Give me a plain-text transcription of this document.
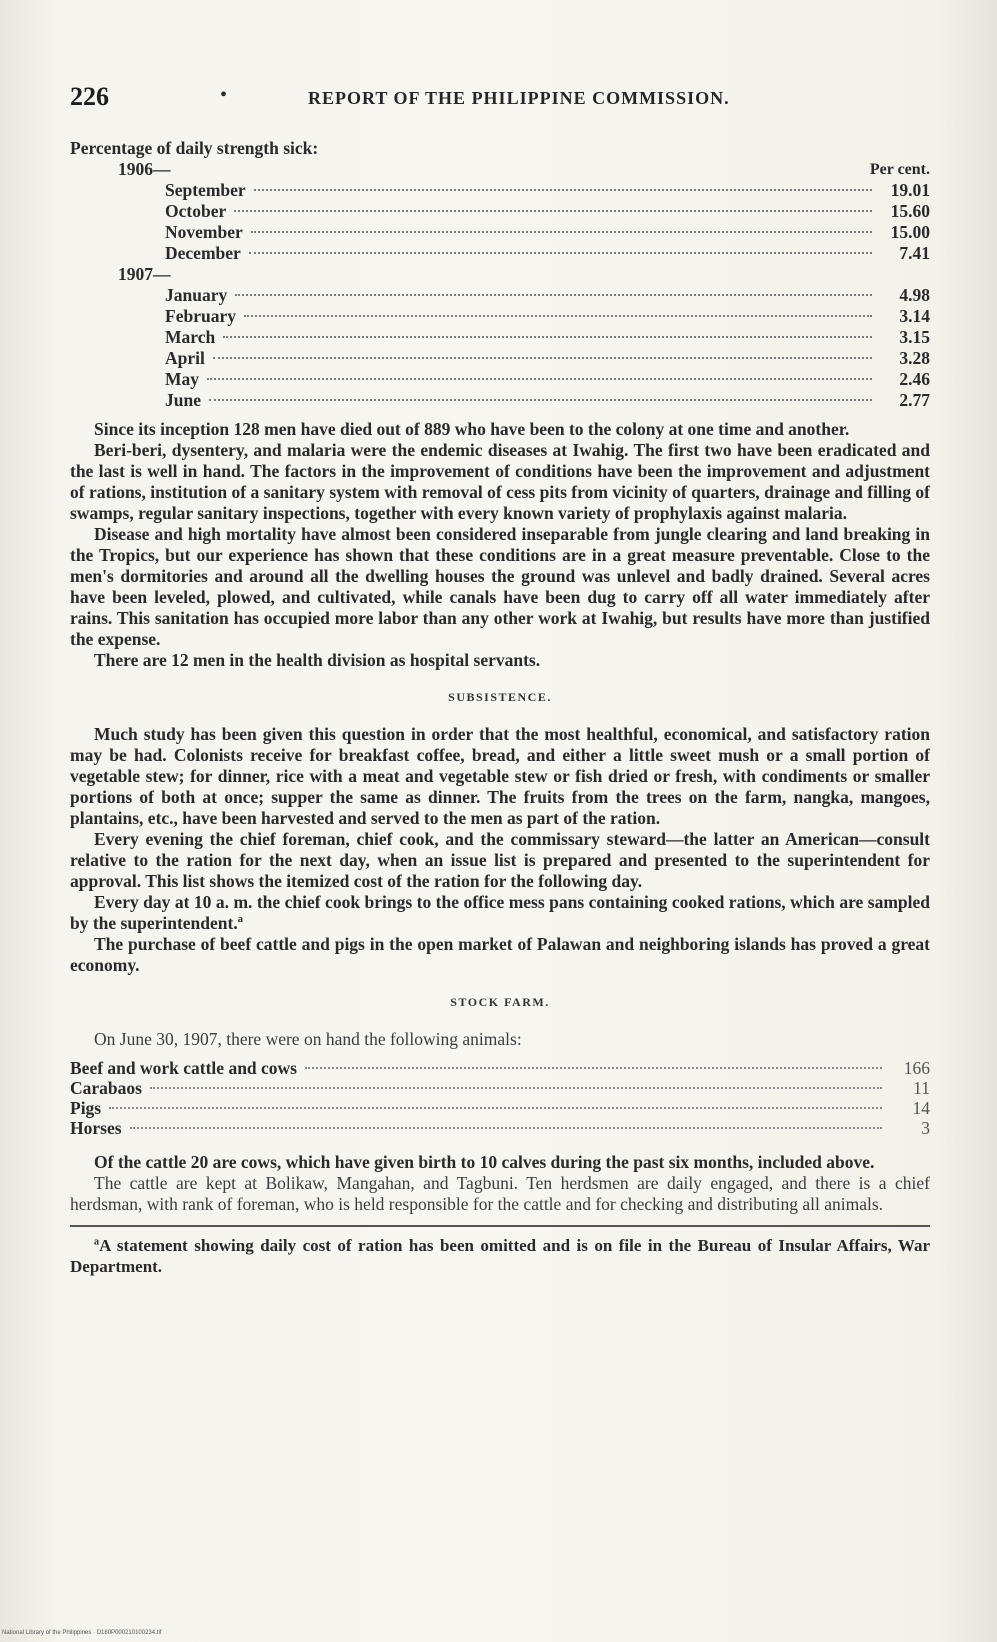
226	•	REPORT OF THE PHILIPPINE COMMISSION.
Percentage of daily strength sick:
1906—	Per cent.
September	19.01
October	15.60
November	15.00
December	7.41
1907—
January	4.98
February	3.14
March	3.15
April	3.28
May	2.46
June	2.77

Since its inception 128 men have died out of 889 who have been to the colony at one time and another.

Beri-beri, dysentery, and malaria were the endemic diseases at Iwahig. The first two have been eradicated and the last is well in hand. The factors in the improvement of conditions have been the improvement and adjustment of rations, institution of a sanitary system with removal of cess pits from vicinity of quarters, drainage and filling of swamps, regular sanitary inspections, together with every known variety of prophylaxis against malaria.

Disease and high mortality have almost been considered inseparable from jungle clearing and land breaking in the Tropics, but our experience has shown that these conditions are in a great measure preventable. Close to the men's dormitories and around all the dwelling houses the ground was unlevel and badly drained. Several acres have been leveled, plowed, and cultivated, while canals have been dug to carry off all water immediately after rains. This sanitation has occupied more labor than any other work at Iwahig, but results have more than justified the expense.

There are 12 men in the health division as hospital servants.

SUBSISTENCE.

Much study has been given this question in order that the most healthful, economical, and satisfactory ration may be had. Colonists receive for breakfast coffee, bread, and either a little sweet mush or a small portion of vegetable stew; for dinner, rice with a meat and vegetable stew or fish dried or fresh, with condiments or smaller portions of both at once; supper the same as dinner. The fruits from the trees on the farm, nangka, mangoes, plantains, etc., have been harvested and served to the men as part of the ration.

Every evening the chief foreman, chief cook, and the commissary steward—the latter an American—consult relative to the ration for the next day, when an issue list is prepared and presented to the superintendent for approval. This list shows the itemized cost of the ration for the following day.

Every day at 10 a. m. the chief cook brings to the office mess pans containing cooked rations, which are sampled by the superintendent.ª

The purchase of beef cattle and pigs in the open market of Palawan and neighboring islands has proved a great economy.

STOCK FARM.

On June 30, 1907, there were on hand the following animals:

Beef and work cattle and cows	166
Carabaos	11
Pigs	14
Horses	3

Of the cattle 20 are cows, which have given birth to 10 calves during the past six months, included above.

The cattle are kept at Bolikaw, Mangahan, and Tagbuni. Ten herdsmen are daily engaged, and there is a chief herdsman, with rank of foreman, who is held responsible for the cattle and for checking and distributing all animals.

ªA statement showing daily cost of ration has been omitted and is on file in the Bureau of Insular Affairs, War Department.

National Library of the Philippines · D180P000210100234.tif
